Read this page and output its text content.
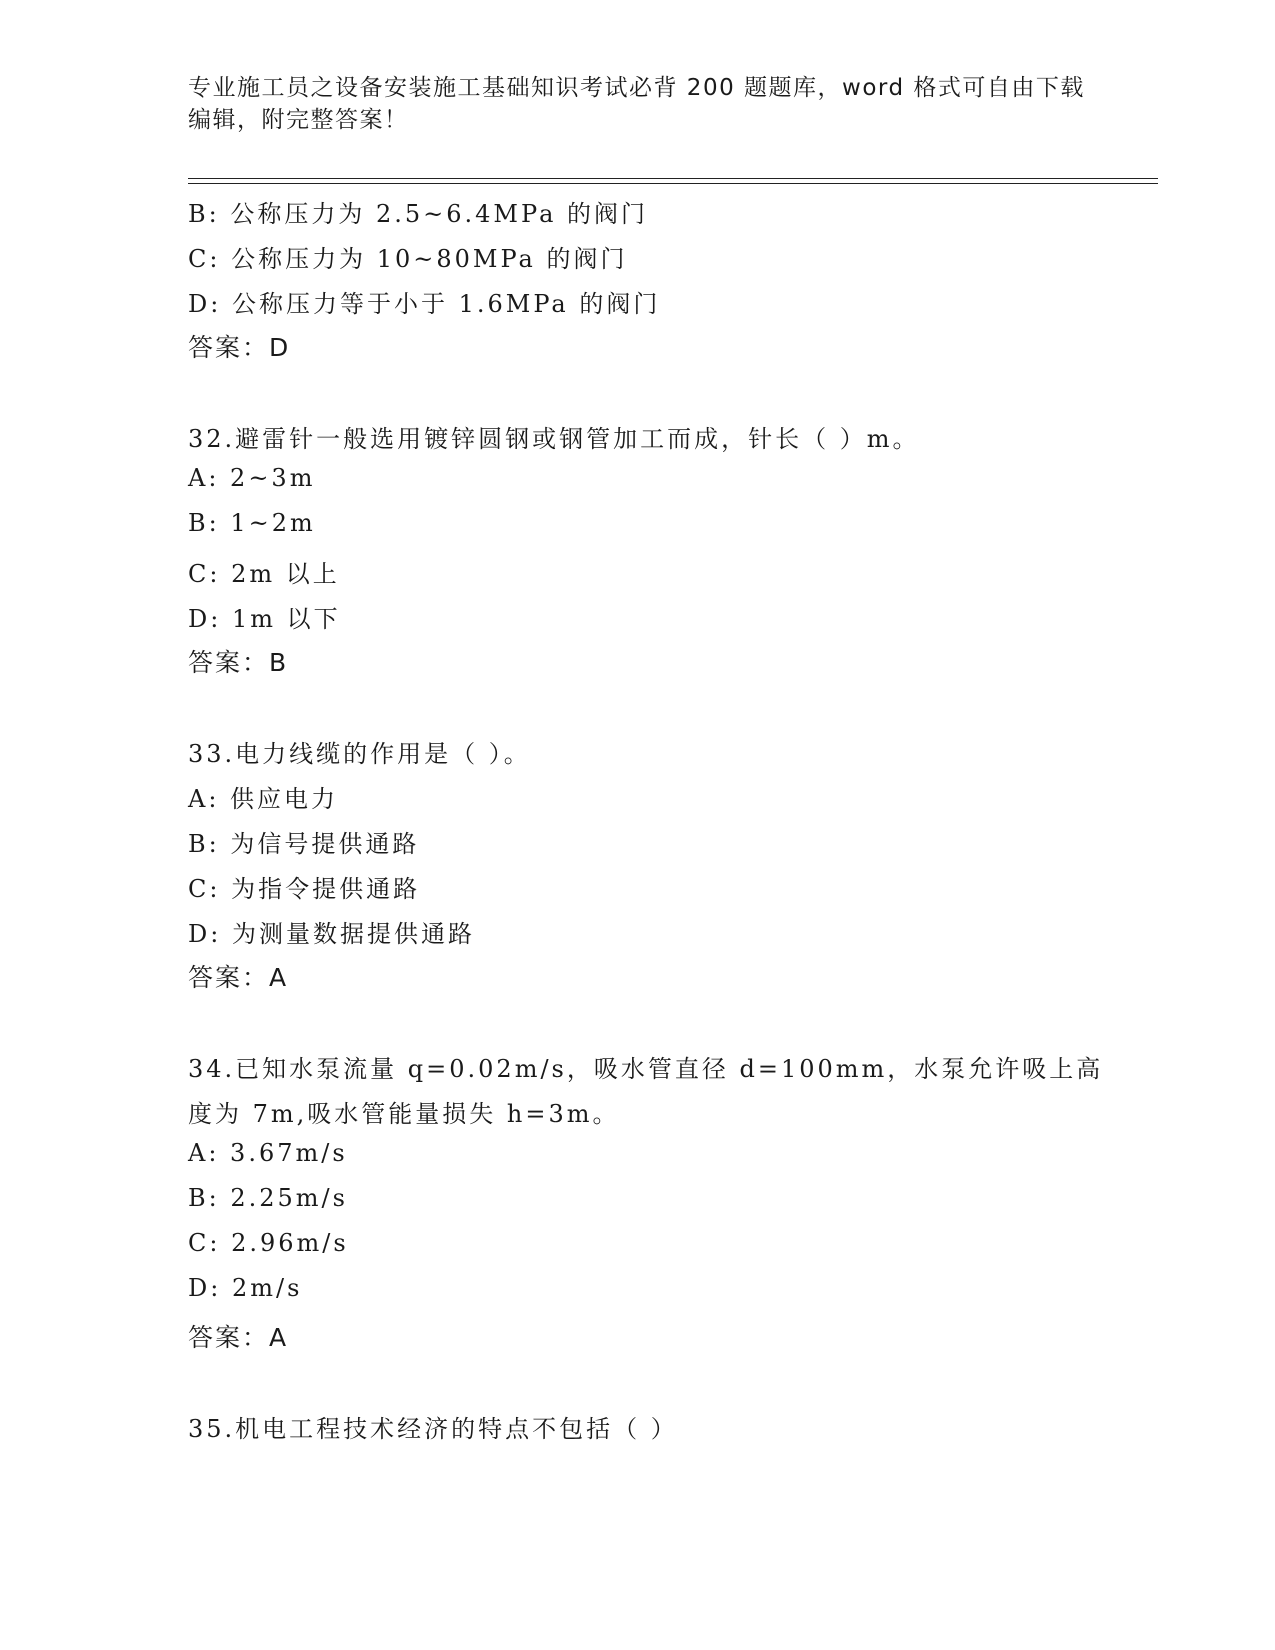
专业施工员之设备安装施工基础知识考试必背 200 题题库，word 格式可自由下载
编辑，附完整答案！
B: 公称压力为 2.5~6.4MPa 的阀门
C: 公称压力为 10~80MPa 的阀门
D: 公称压力等于小于 1.6MPa 的阀门
答案：D
32.避雷针一般选用镀锌圆钢或钢管加工而成，针长（ ）m。
A: 2~3m
B: 1~2m
C: 2m 以上
D: 1m 以下
答案：B
33.电力线缆的作用是（ ）。
A: 供应电力
B: 为信号提供通路
C: 为指令提供通路
D: 为测量数据提供通路
答案：A
34.已知水泵流量 q=0.02m/s，吸水管直径 d=100mm，水泵允许吸上高
度为 7m,吸水管能量损失 h=3m。
A: 3.67m/s
B: 2.25m/s
C: 2.96m/s
D: 2m/s
答案：A
35.机电工程技术经济的特点不包括（ ）
